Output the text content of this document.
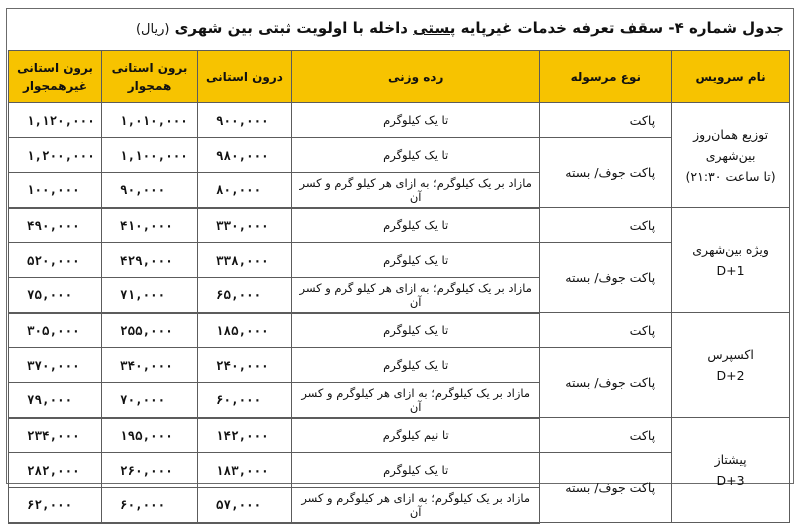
جدول شماره ۴- سقف تعرفه خدمات غیرپایه پستی داخله با اولویت ثبتی بین شهری (ریال)
نام سرویس	نوع مرسوله	رده وزنی	درون استانی	برون استانی همجوار	برون استانی غیرهمجوار

توزیع همان‌روز
بین‌شهری
(تا ساعت ۲۱:۳۰)	پاکت	تا یک کیلوگرم	۹۰۰,۰۰۰	۱,۰۱۰,۰۰۰	۱,۱۲۰,۰۰۰
	پاکت جوف/ بسته	تا یک کیلوگرم	۹۸۰,۰۰۰	۱,۱۰۰,۰۰۰	۱,۲۰۰,۰۰۰
		مازاد بر یک کیلوگرم؛ به ازای هر کیلو گرم و کسر آن	۸۰,۰۰۰	۹۰,۰۰۰	۱۰۰,۰۰۰

ویژه بین‌شهری
D+1	پاکت	تا یک کیلوگرم	۳۳۰,۰۰۰	۴۱۰,۰۰۰	۴۹۰,۰۰۰
	پاکت جوف/ بسته	تا یک کیلوگرم	۳۳۸,۰۰۰	۴۲۹,۰۰۰	۵۲۰,۰۰۰
		مازاد بر یک کیلوگرم؛ به ازای هر کیلو گرم و کسر آن	۶۵,۰۰۰	۷۱,۰۰۰	۷۵,۰۰۰

اکسپرس
D+2	پاکت	تا یک کیلوگرم	۱۸۵,۰۰۰	۲۵۵,۰۰۰	۳۰۵,۰۰۰
	پاکت جوف/ بسته	تا یک کیلوگرم	۲۴۰,۰۰۰	۳۴۰,۰۰۰	۳۷۰,۰۰۰
		مازاد بر یک کیلوگرم؛ به ازای هر کیلوگرم و کسر آن	۶۰,۰۰۰	۷۰,۰۰۰	۷۹,۰۰۰

پیشتاز
D+3	پاکت	تا نیم کیلوگرم	۱۴۲,۰۰۰	۱۹۵,۰۰۰	۲۳۴,۰۰۰
	پاکت جوف/ بسته	تا یک کیلوگرم	۱۸۳,۰۰۰	۲۶۰,۰۰۰	۲۸۲,۰۰۰
		مازاد بر یک کیلوگرم؛ به ازای هر کیلوگرم و کسر آن	۵۷,۰۰۰	۶۰,۰۰۰	۶۲,۰۰۰
